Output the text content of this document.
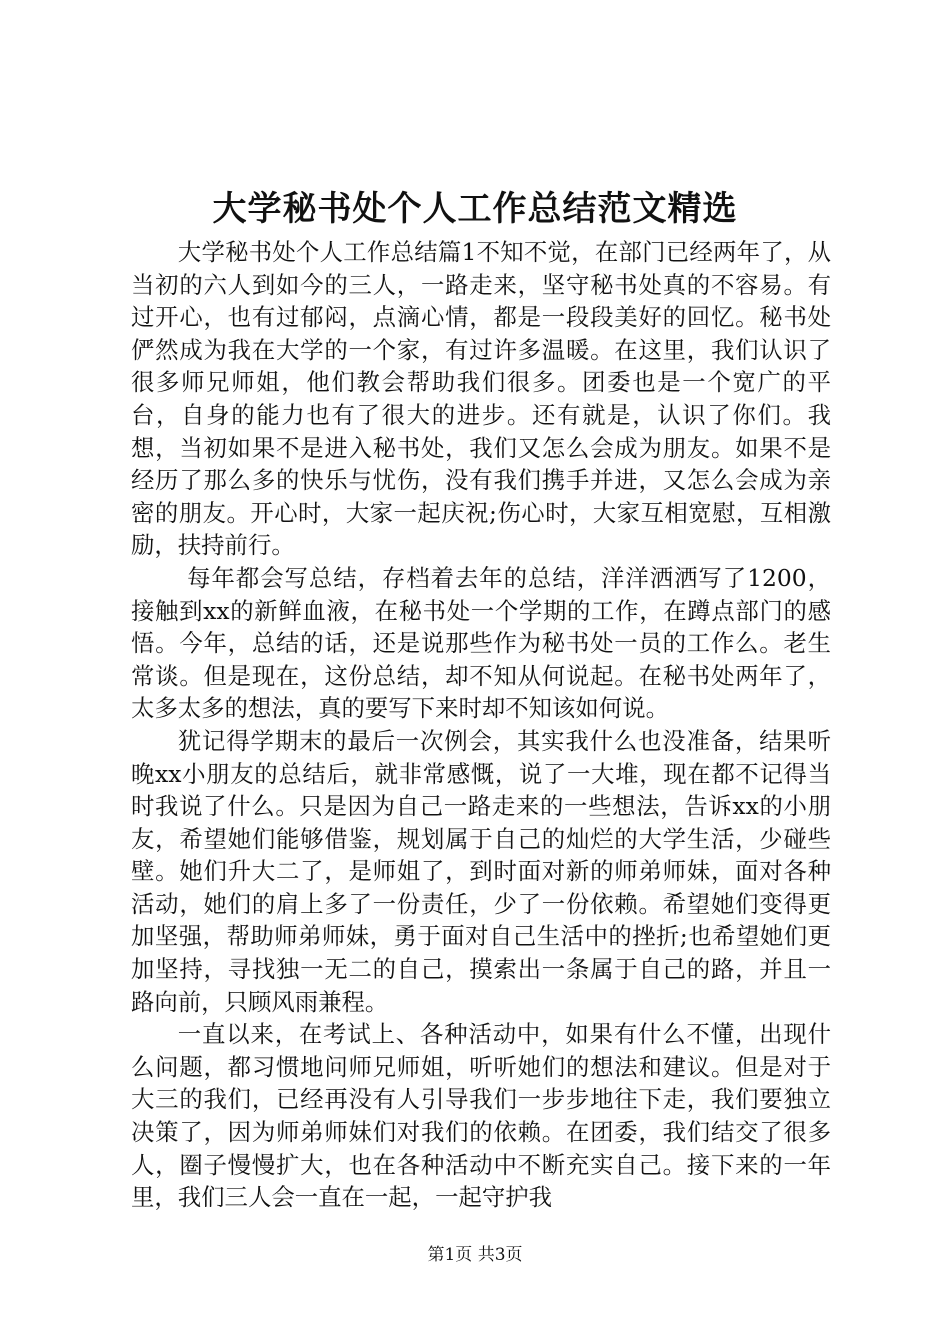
大学秘书处个人工作总结范文精选

大学秘书处个人工作总结篇1不知不觉，在部门已经两年了，从当初的六人到如今的三人，一路走来，坚守秘书处真的不容易。有过开心，也有过郁闷，点滴心情，都是一段段美好的回忆。秘书处俨然成为我在大学的一个家，有过许多温暖。在这里，我们认识了很多师兄师姐，他们教会帮助我们很多。团委也是一个宽广的平台，自身的能力也有了很大的进步。还有就是，认识了你们。我想，当初如果不是进入秘书处，我们又怎么会成为朋友。如果不是经历了那么多的快乐与忧伤，没有我们携手并进，又怎么会成为亲密的朋友。开心时，大家一起庆祝;伤心时，大家互相宽慰，互相激励，扶持前行。

每年都会写总结，存档着去年的总结，洋洋洒洒写了1200，接触到xx的新鲜血液，在秘书处一个学期的工作，在蹲点部门的感悟。今年，总结的话，还是说那些作为秘书处一员的工作么。老生常谈。但是现在，这份总结，却不知从何说起。在秘书处两年了，太多太多的想法，真的要写下来时却不知该如何说。

犹记得学期末的最后一次例会，其实我什么也没准备，结果听晚xx小朋友的总结后，就非常感慨，说了一大堆，现在都不记得当时我说了什么。只是因为自己一路走来的一些想法，告诉xx的小朋友，希望她们能够借鉴，规划属于自己的灿烂的大学生活，少碰些壁。她们升大二了，是师姐了，到时面对新的师弟师妹，面对各种活动，她们的肩上多了一份责任，少了一份依赖。希望她们变得更加坚强，帮助师弟师妹，勇于面对自己生活中的挫折;也希望她们更加坚持，寻找独一无二的自己，摸索出一条属于自己的路，并且一路向前，只顾风雨兼程。

一直以来，在考试上、各种活动中，如果有什么不懂，出现什么问题，都习惯地问师兄师姐，听听她们的想法和建议。但是对于大三的我们，已经再没有人引导我们一步步地往下走，我们要独立决策了，因为师弟师妹们对我们的依赖。在团委，我们结交了很多人，圈子慢慢扩大，也在各种活动中不断充实自己。接下来的一年里，我们三人会一直在一起，一起守护我

第1页 共3页
